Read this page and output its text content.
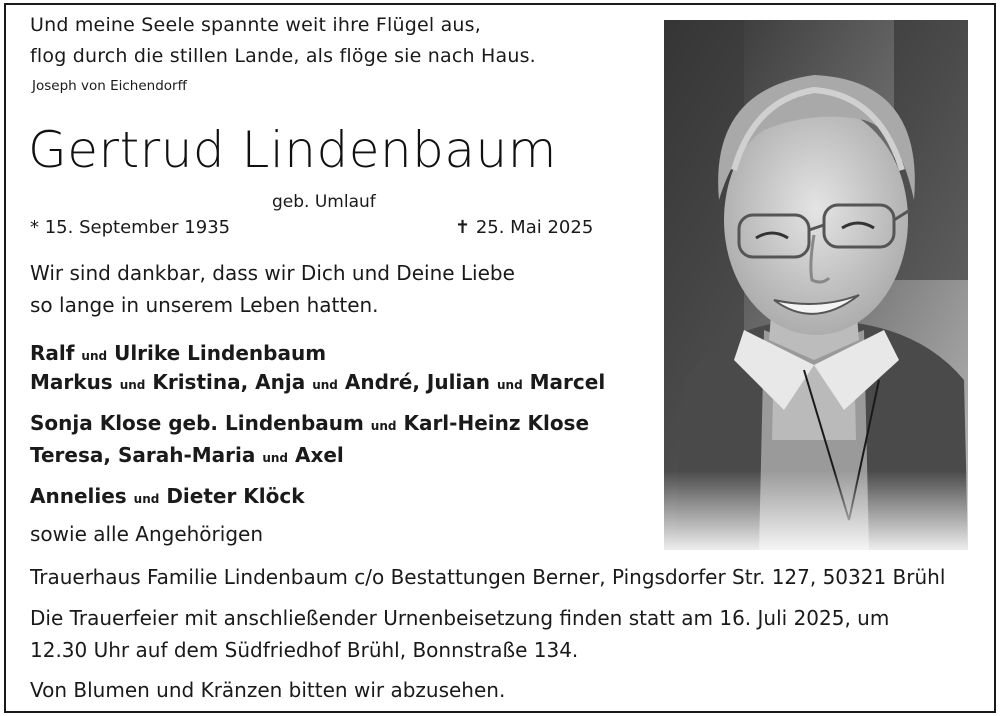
Und meine Seele spannte weit ihre Flügel aus,
flog durch die stillen Lande, als flöge sie nach Haus.
Joseph von Eichendorff
Gertrud Lindenbaum
geb. Umlauf
* 15. September 1935	✝ 25. Mai 2025
Wir sind dankbar, dass wir Dich und Deine Liebe
so lange in unserem Leben hatten.
Ralf und Ulrike Lindenbaum
Markus und Kristina, Anja und André, Julian und Marcel
Sonja Klose geb. Lindenbaum und Karl-Heinz Klose
Teresa, Sarah-Maria und Axel
Annelies und Dieter Klöck
sowie alle Angehörigen
Trauerhaus Familie Lindenbaum c/o Bestattungen Berner, Pingsdorfer Str. 127, 50321 Brühl
Die Trauerfeier mit anschließender Urnenbeisetzung finden statt am 16. Juli 2025, um
12.30 Uhr auf dem Südfriedhof Brühl, Bonnstraße 134.
Von Blumen und Kränzen bitten wir abzusehen.
